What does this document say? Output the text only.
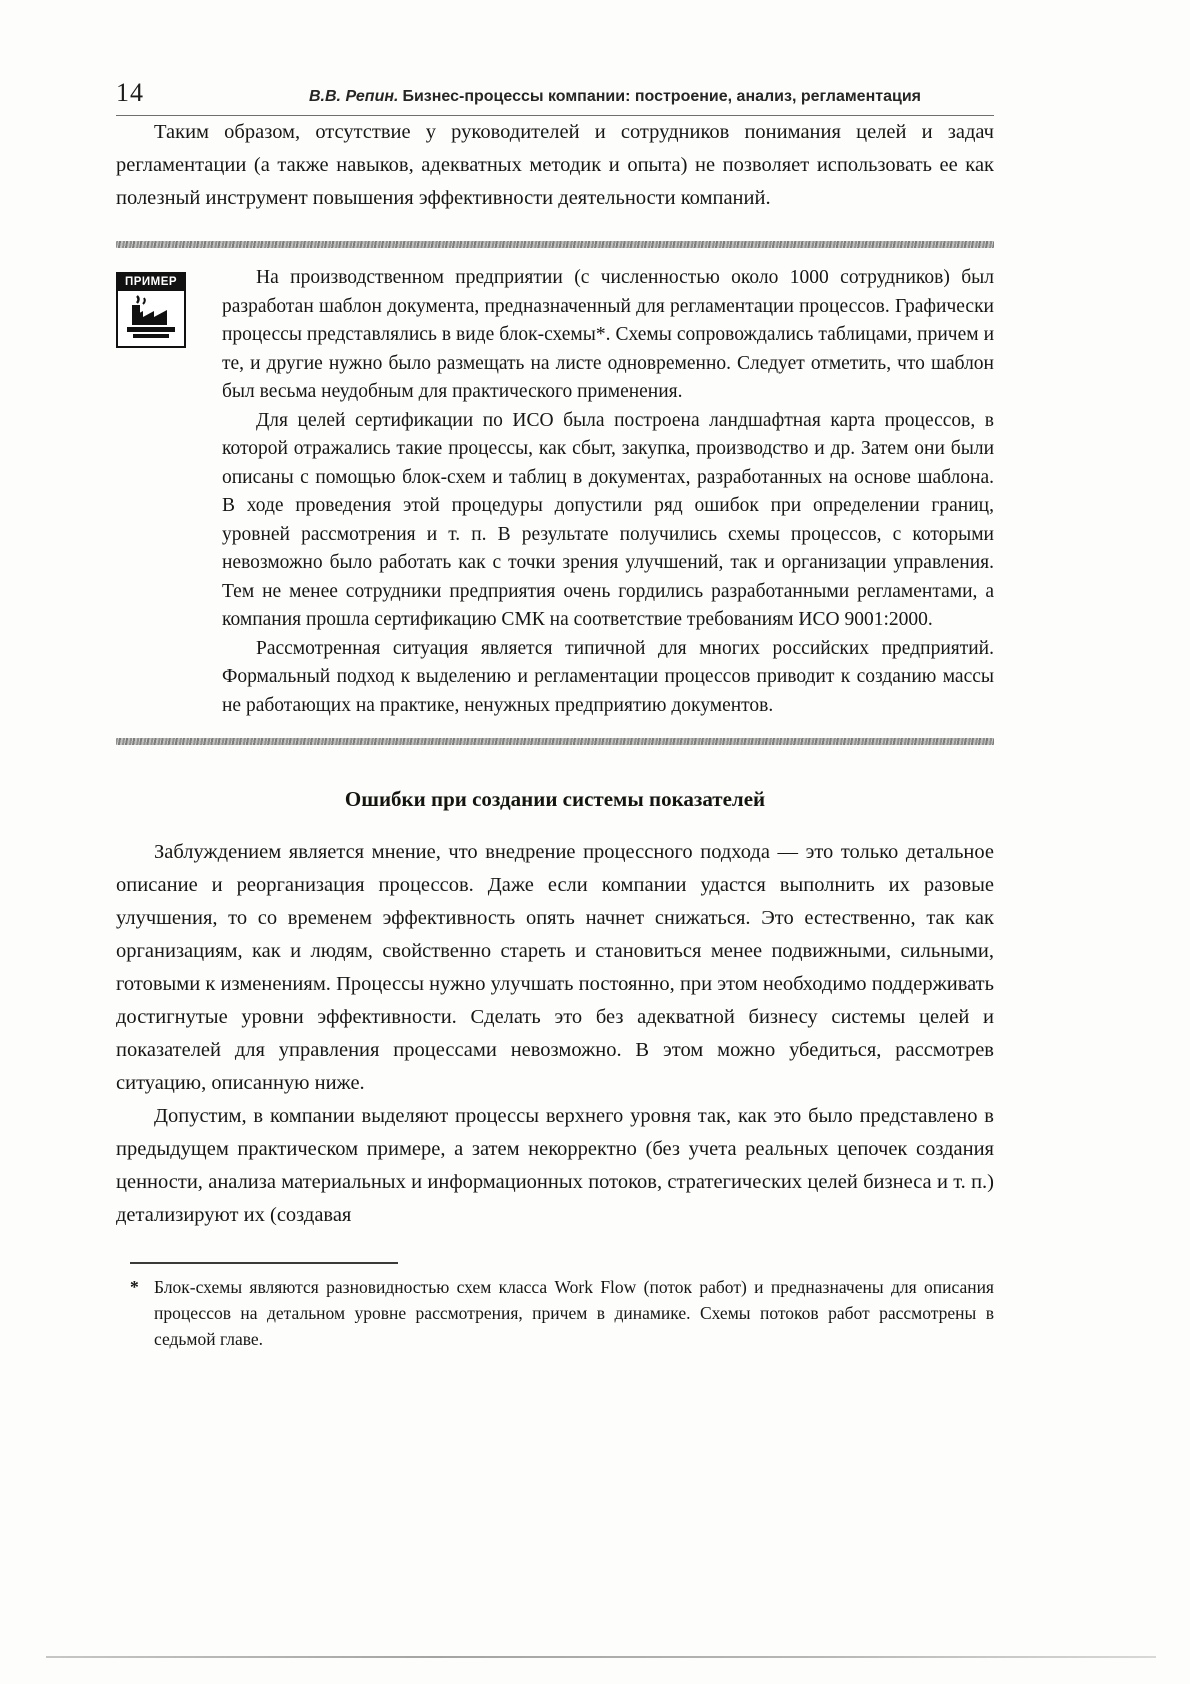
14	В.В. Репин. Бизнес-процессы компании: построение, анализ, регламентация

Таким образом, отсутствие у руководителей и сотрудников понимания целей и задач регламентации (а также навыков, адекватных методик и опыта) не позволяет использовать ее как полезный инструмент повышения эффективности деятельности компаний.

ПРИМЕР	На производственном предприятии (с численностью около 1000 сотрудников) был разработан шаблон документа, предназначенный для регламентации процессов. Графически процессы представлялись в виде блок-схемы*. Схемы сопровождались таблицами, причем и те, и другие нужно было размещать на листе одновременно. Следует отметить, что шаблон был весьма неудобным для практического применения.

Для целей сертификации по ИСО была построена ландшафтная карта процессов, в которой отражались такие процессы, как сбыт, закупка, производство и др. Затем они были описаны с помощью блок-схем и таблиц в документах, разработанных на основе шаблона. В ходе проведения этой процедуры допустили ряд ошибок при определении границ, уровней рассмотрения и т. п. В результате получились схемы процессов, с которыми невозможно было работать как с точки зрения улучшений, так и организации управления. Тем не менее сотрудники предприятия очень гордились разработанными регламентами, а компания прошла сертификацию СМК на соответствие требованиям ИСО 9001:2000.

Рассмотренная ситуация является типичной для многих российских предприятий. Формальный подход к выделению и регламентации процессов приводит к созданию массы не работающих на практике, ненужных предприятию документов.

Ошибки при создании системы показателей

Заблуждением является мнение, что внедрение процессного подхода — это только детальное описание и реорганизация процессов. Даже если компании удастся выполнить их разовые улучшения, то со временем эффективность опять начнет снижаться. Это естественно, так как организациям, как и людям, свойственно стареть и становиться менее подвижными, сильными, готовыми к изменениям. Процессы нужно улучшать постоянно, при этом необходимо поддерживать достигнутые уровни эффективности. Сделать это без адекватной бизнесу системы целей и показателей для управления процессами невозможно. В этом можно убедиться, рассмотрев ситуацию, описанную ниже.

Допустим, в компании выделяют процессы верхнего уровня так, как это было представлено в предыдущем практическом примере, а затем некорректно (без учета реальных цепочек создания ценности, анализа материальных и информационных потоков, стратегических целей бизнеса и т. п.) детализируют их (создавая

* Блок-схемы являются разновидностью схем класса Work Flow (поток работ) и предназначены для описания процессов на детальном уровне рассмотрения, причем в динамике. Схемы потоков работ рассмотрены в седьмой главе.
